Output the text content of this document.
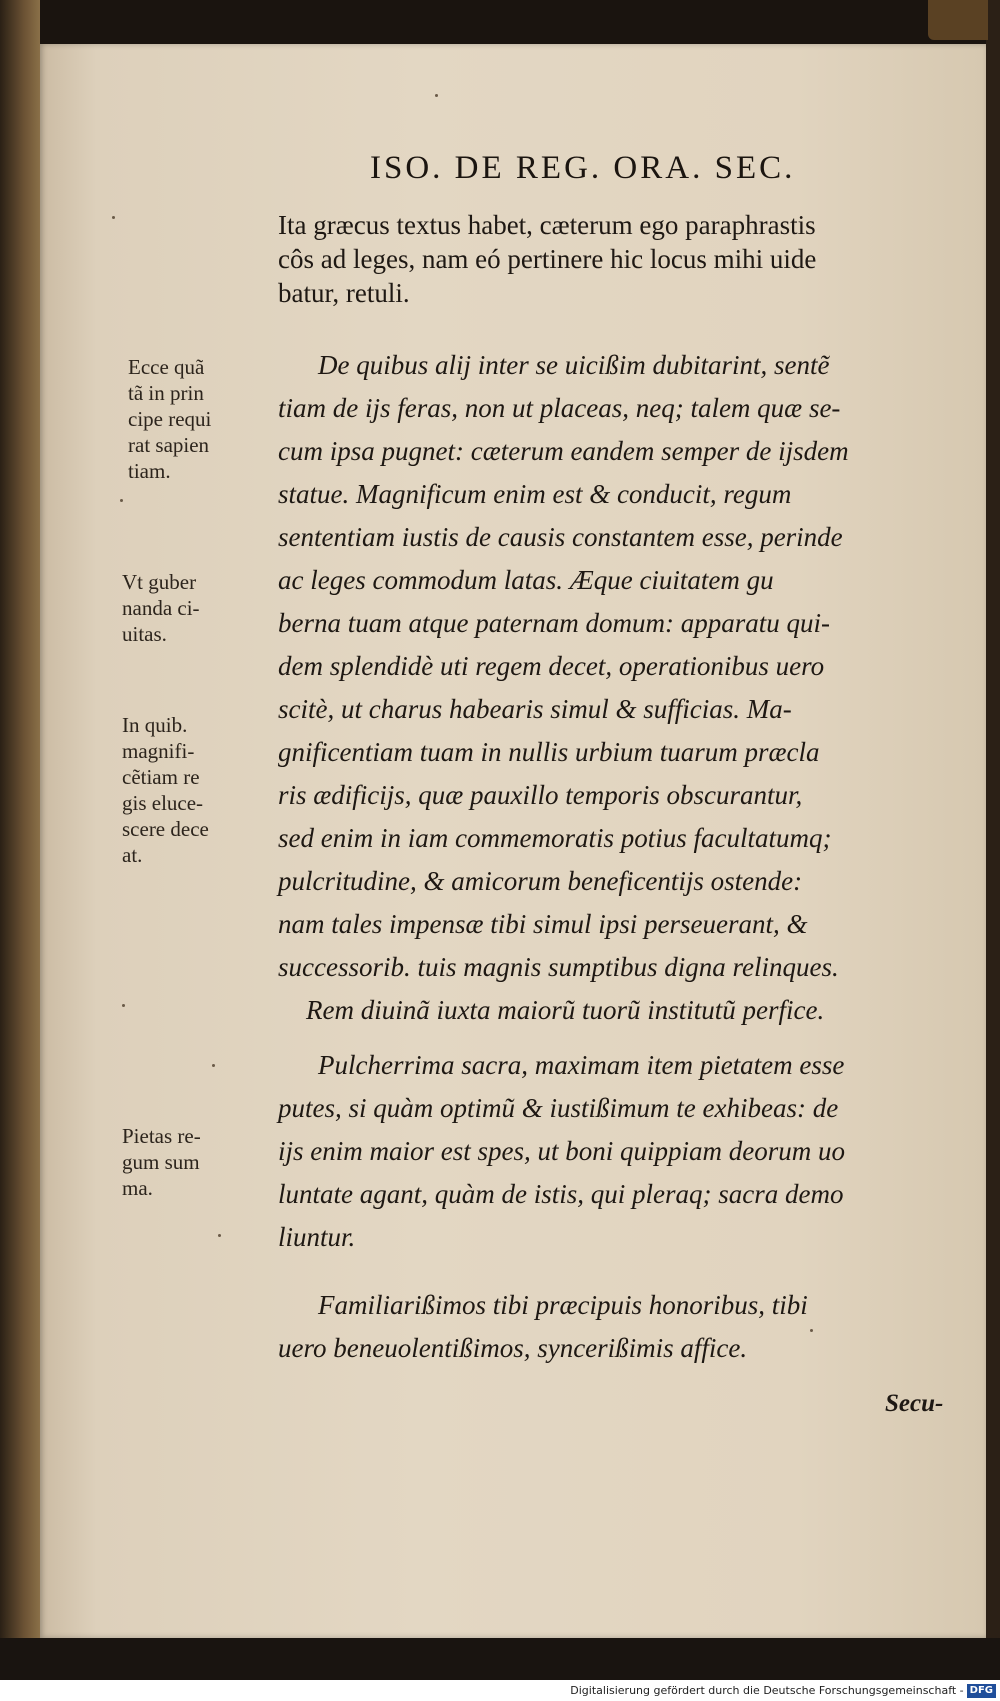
ISO. DE REG. ORA. SEC.
Ita græcus textus habet, cæterum ego paraphrastis
côs ad leges, nam eó pertinere hic locus mihi uide
batur, retuli.
De quibus alij inter se uicißim dubitarint, sentẽ
tiam de ijs feras, non ut placeas, neq; talem quæ se-
cum ipsa pugnet: cæterum eandem semper de ijsdem
statue. Magnificum enim est & conducit, regum
sententiam iustis de causis constantem esse, perinde
ac leges commodum latas. Æque ciuitatem gu
berna tuam atque paternam domum: apparatu qui-
dem splendidè uti regem decet, operationibus uero
scitè, ut charus habearis simul & sufficias. Ma-
gnificentiam tuam in nullis urbium tuarum præcla
ris ædificijs, quæ pauxillo temporis obscurantur,
sed enim in iam commemoratis potius facultatumq;
pulcritudine, & amicorum beneficentijs ostende:
nam tales impensæ tibi simul ipsi perseuerant, &
successorib. tuis magnis sumptibus digna relinques.
Rem diuinã iuxta maiorũ tuorũ institutũ perfice.
Pulcherrima sacra, maximam item pietatem esse
putes, si quàm optimũ & iustißimum te exhibeas: de
ijs enim maior est spes, ut boni quippiam deorum uo
luntate agant, quàm de istis, qui pleraq; sacra demo
liuntur.
Familiarißimos tibi præcipuis honoribus, tibi
uero beneuolentißimos, syncerißimis affice.
Ecce quã
tã in prin
cipe requi
rat sapien
tiam.
Vt guber
nanda ci-
uitas.
In quib.
magnifi-
cẽtiam re
gis eluce-
scere dece
at.
Pietas re-
gum sum
ma.
Secu-
Digitalisierung gefördert durch die Deutsche Forschungsgemeinschaft - DFG
